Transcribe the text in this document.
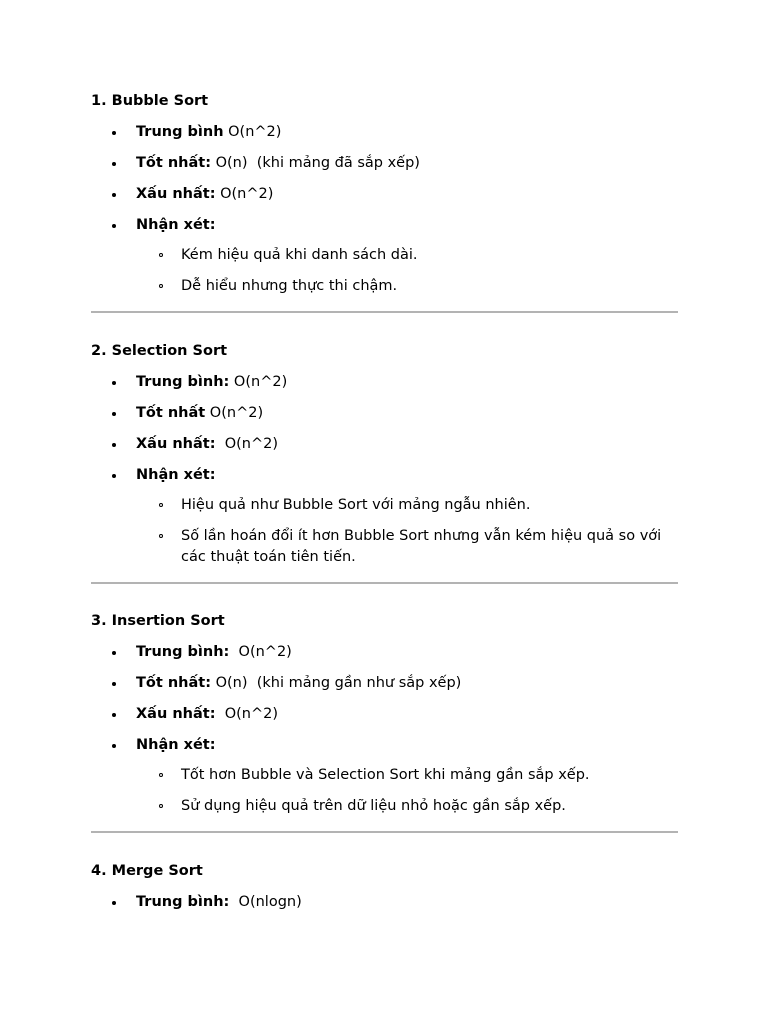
1. Bubble Sort

Trung bình O(n^2)
Tốt nhất: O(n)  (khi mảng đã sắp xếp)
Xấu nhất: O(n^2)
Nhận xét:
Kém hiệu quả khi danh sách dài.
Dễ hiểu nhưng thực thi chậm.

2. Selection Sort

Trung bình: O(n^2)
Tốt nhất O(n^2)
Xấu nhất:  O(n^2)
Nhận xét:
Hiệu quả như Bubble Sort với mảng ngẫu nhiên.
Số lần hoán đổi ít hơn Bubble Sort nhưng vẫn kém hiệu quả so với các thuật toán tiên tiến.

3. Insertion Sort

Trung bình:  O(n^2)
Tốt nhất: O(n)  (khi mảng gần như sắp xếp)
Xấu nhất:  O(n^2)
Nhận xét:
Tốt hơn Bubble và Selection Sort khi mảng gần sắp xếp.
Sử dụng hiệu quả trên dữ liệu nhỏ hoặc gần sắp xếp.

4. Merge Sort

Trung bình:  O(nlogn)
